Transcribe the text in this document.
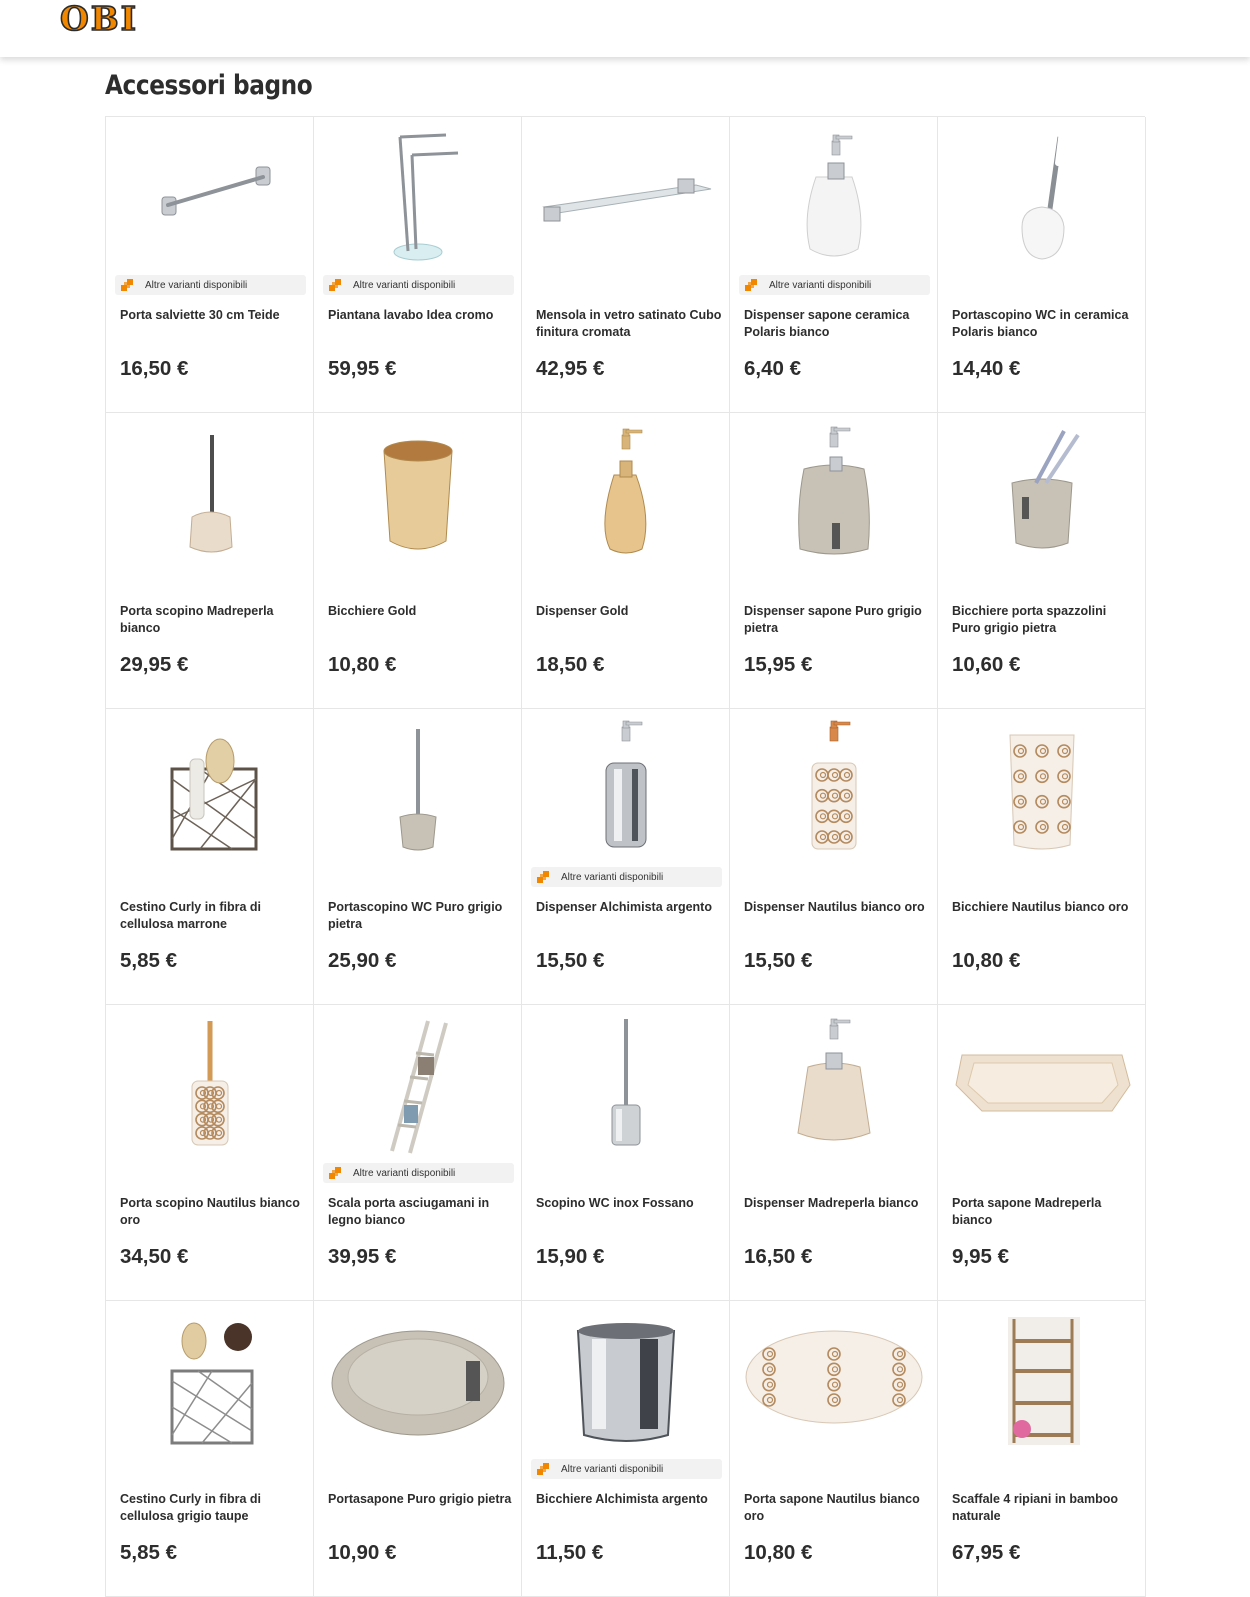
OBI
Accessori bagno
Altre varianti disponibili
Porta salviette 30 cm Teide
16,50 €
Altre varianti disponibili
Piantana lavabo Idea cromo
59,95 €
Mensola in vetro satinato Cubo finitura cromata
42,95 €
Altre varianti disponibili
Dispenser sapone ceramica Polaris bianco
6,40 €
Portascopino WC in ceramica Polaris bianco
14,40 €
Porta scopino Madreperla bianco
29,95 €
Bicchiere Gold
10,80 €
Dispenser Gold
18,50 €
Dispenser sapone Puro grigio pietra
15,95 €
Bicchiere porta spazzolini Puro grigio pietra
10,60 €
Cestino Curly in fibra di cellulosa marrone
5,85 €
Portascopino WC Puro grigio pietra
25,90 €
Altre varianti disponibili
Dispenser Alchimista argento
15,50 €
Dispenser Nautilus bianco oro
15,50 €
Bicchiere Nautilus bianco oro
10,80 €
Porta scopino Nautilus bianco oro
34,50 €
Altre varianti disponibili
Scala porta asciugamani in legno bianco
39,95 €
Scopino WC inox Fossano
15,90 €
Dispenser Madreperla bianco
16,50 €
Porta sapone Madreperla bianco
9,95 €
Cestino Curly in fibra di cellulosa grigio taupe
5,85 €
Portasapone Puro grigio pietra
10,90 €
Altre varianti disponibili
Bicchiere Alchimista argento
11,50 €
Porta sapone Nautilus bianco oro
10,80 €
Scaffale 4 ripiani in bamboo naturale
67,95 €
